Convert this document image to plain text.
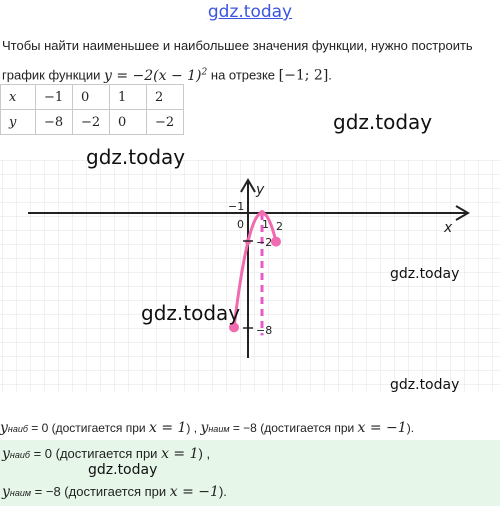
gdz.today
Чтобы найти наименьшее и наибольшее значения функции, нужно построить
график функции $y = -2(x - 1)^2$ на отрезке [−1; 2].
x	−1	0	1	2
y	−8	−2	0	−2
y
x
0
−1
1 2
−2
−8
gdz.today
gdz.today
gdz.today
gdz.today
gdz.today
yнаиб = 0 (достигается при x = 1) , yнаим = −8 (достигается при x = −1).
yнаиб = 0 (достигается при x = 1) ,
gdz.today
yнаим = −8 (достигается при x = −1).
